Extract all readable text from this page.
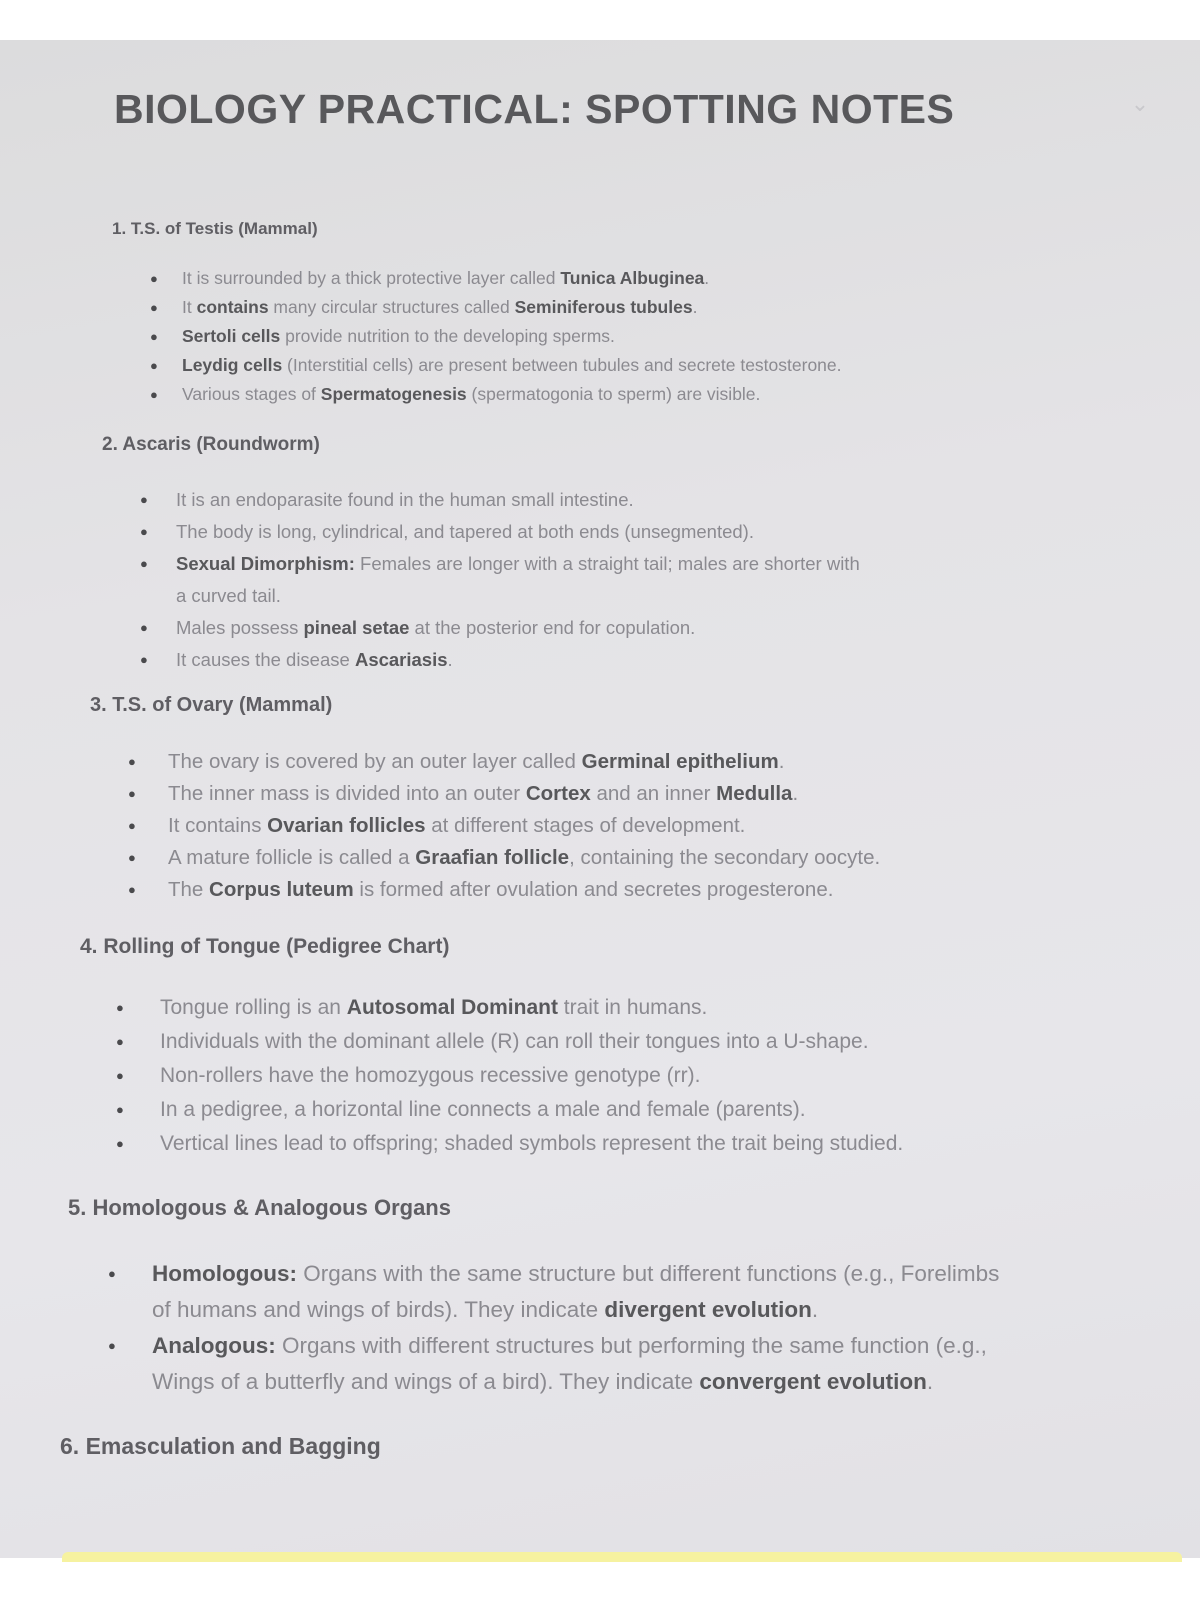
⌄
BIOLOGY PRACTICAL: SPOTTING NOTES
1. T.S. of Testis (Mammal)
● It is surrounded by a thick protective layer called Tunica Albuginea.
● It contains many circular structures called Seminiferous tubules.
● Sertoli cells provide nutrition to the developing sperms.
● Leydig cells (Interstitial cells) are present between tubules and secrete testosterone.
● Various stages of Spermatogenesis (spermatogonia to sperm) are visible.
2. Ascaris (Roundworm)
● It is an endoparasite found in the human small intestine.
● The body is long, cylindrical, and tapered at both ends (unsegmented).
● Sexual Dimorphism: Females are longer with a straight tail; males are shorter with
a curved tail.
● Males possess pineal setae at the posterior end for copulation.
● It causes the disease Ascariasis.
3. T.S. of Ovary (Mammal)
● The ovary is covered by an outer layer called Germinal epithelium.
● The inner mass is divided into an outer Cortex and an inner Medulla.
● It contains Ovarian follicles at different stages of development.
● A mature follicle is called a Graafian follicle, containing the secondary oocyte.
● The Corpus luteum is formed after ovulation and secretes progesterone.
4. Rolling of Tongue (Pedigree Chart)
● Tongue rolling is an Autosomal Dominant trait in humans.
● Individuals with the dominant allele (R) can roll their tongues into a U-shape.
● Non-rollers have the homozygous recessive genotype (rr).
● In a pedigree, a horizontal line connects a male and female (parents).
● Vertical lines lead to offspring; shaded symbols represent the trait being studied.
5. Homologous & Analogous Organs
● Homologous: Organs with the same structure but different functions (e.g., Forelimbs
of humans and wings of birds). They indicate divergent evolution.
● Analogous: Organs with different structures but performing the same function (e.g.,
Wings of a butterfly and wings of a bird). They indicate convergent evolution.
6. Emasculation and Bagging
